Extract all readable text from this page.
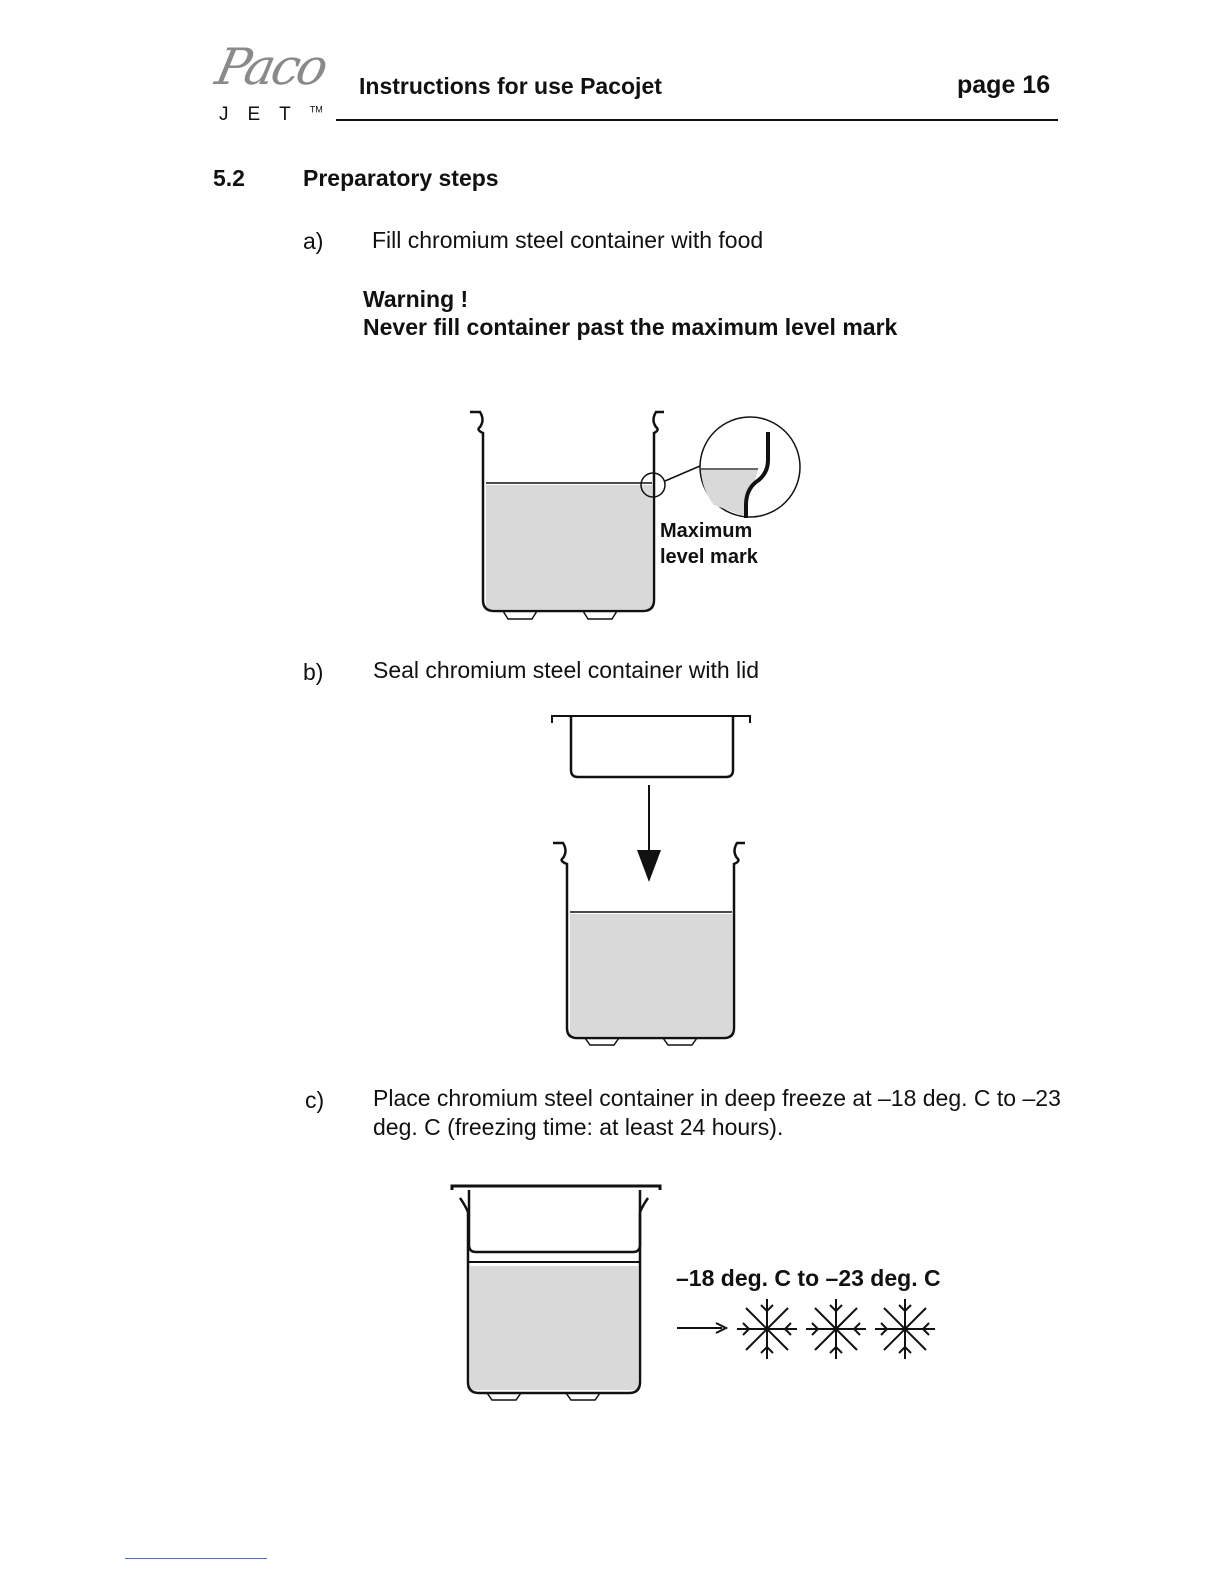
Paco
JET™
Instructions for use Pacojet	page 16
5.2	Preparatory steps
a) Fill chromium steel container with food
Warning !
Never fill container past the maximum level mark
Maximum
level mark
b) Seal chromium steel container with lid
c) Place chromium steel container in deep freeze at –18 deg. C to –23
deg. C (freezing time: at least 24 hours).
–18 deg. C to –23 deg. C
